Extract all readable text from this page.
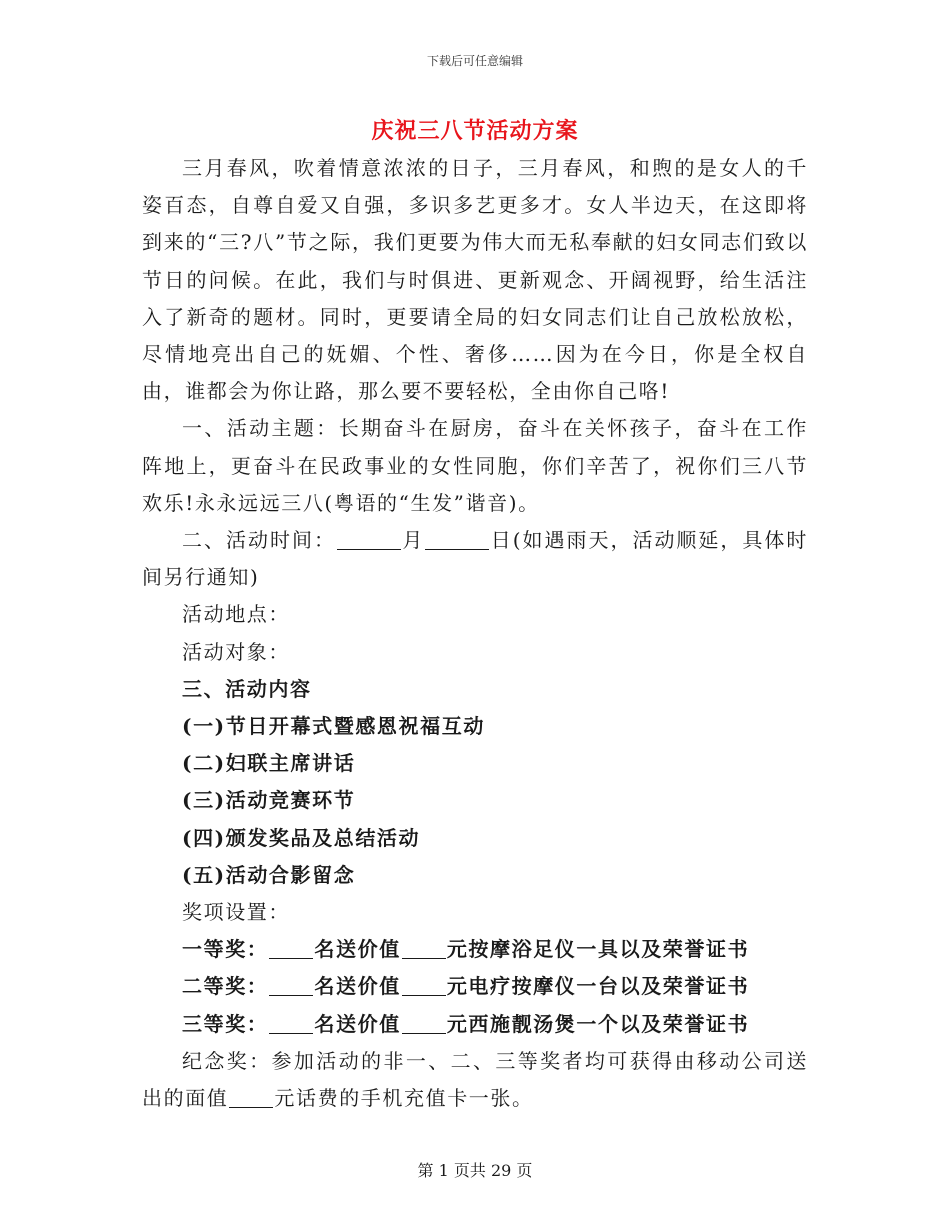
下载后可任意编辑
庆祝三八节活动方案

三月春风，吹着情意浓浓的日子，三月春风，和煦的是女人的千姿百态，自尊自爱又自强，多识多艺更多才。女人半边天，在这即将到来的“三?八”节之际，我们更要为伟大而无私奉献的妇女同志们致以节日的问候。在此，我们与时俱进、更新观念、开阔视野，给生活注入了新奇的题材。同时，更要请全局的妇女同志们让自己放松放松，尽情地亮出自己的妩媚、个性、奢侈……因为在今日，你是全权自由，谁都会为你让路，那么要不要轻松，全由你自己咯!

一、活动主题：长期奋斗在厨房，奋斗在关怀孩子，奋斗在工作阵地上，更奋斗在民政事业的女性同胞，你们辛苦了，祝你们三八节欢乐!永永远远三八(粤语的“生发”谐音)。

二、活动时间：	月	日(如遇雨天，活动顺延，具体时间另行通知)

活动地点：

活动对象：

三、活动内容

(一)节日开幕式暨感恩祝福互动

(二)妇联主席讲话

(三)活动竞赛环节

(四)颁发奖品及总结活动

(五)活动合影留念

奖项设置：

一等奖： 名送价值 元按摩浴足仪一具以及荣誉证书

二等奖： 名送价值 元电疗按摩仪一台以及荣誉证书

三等奖： 名送价值 元西施靓汤煲一个以及荣誉证书

纪念奖：参加活动的非一、二、三等奖者均可获得由移动公司送出的面值 元话费的手机充值卡一张。

第 1 页共 29 页
